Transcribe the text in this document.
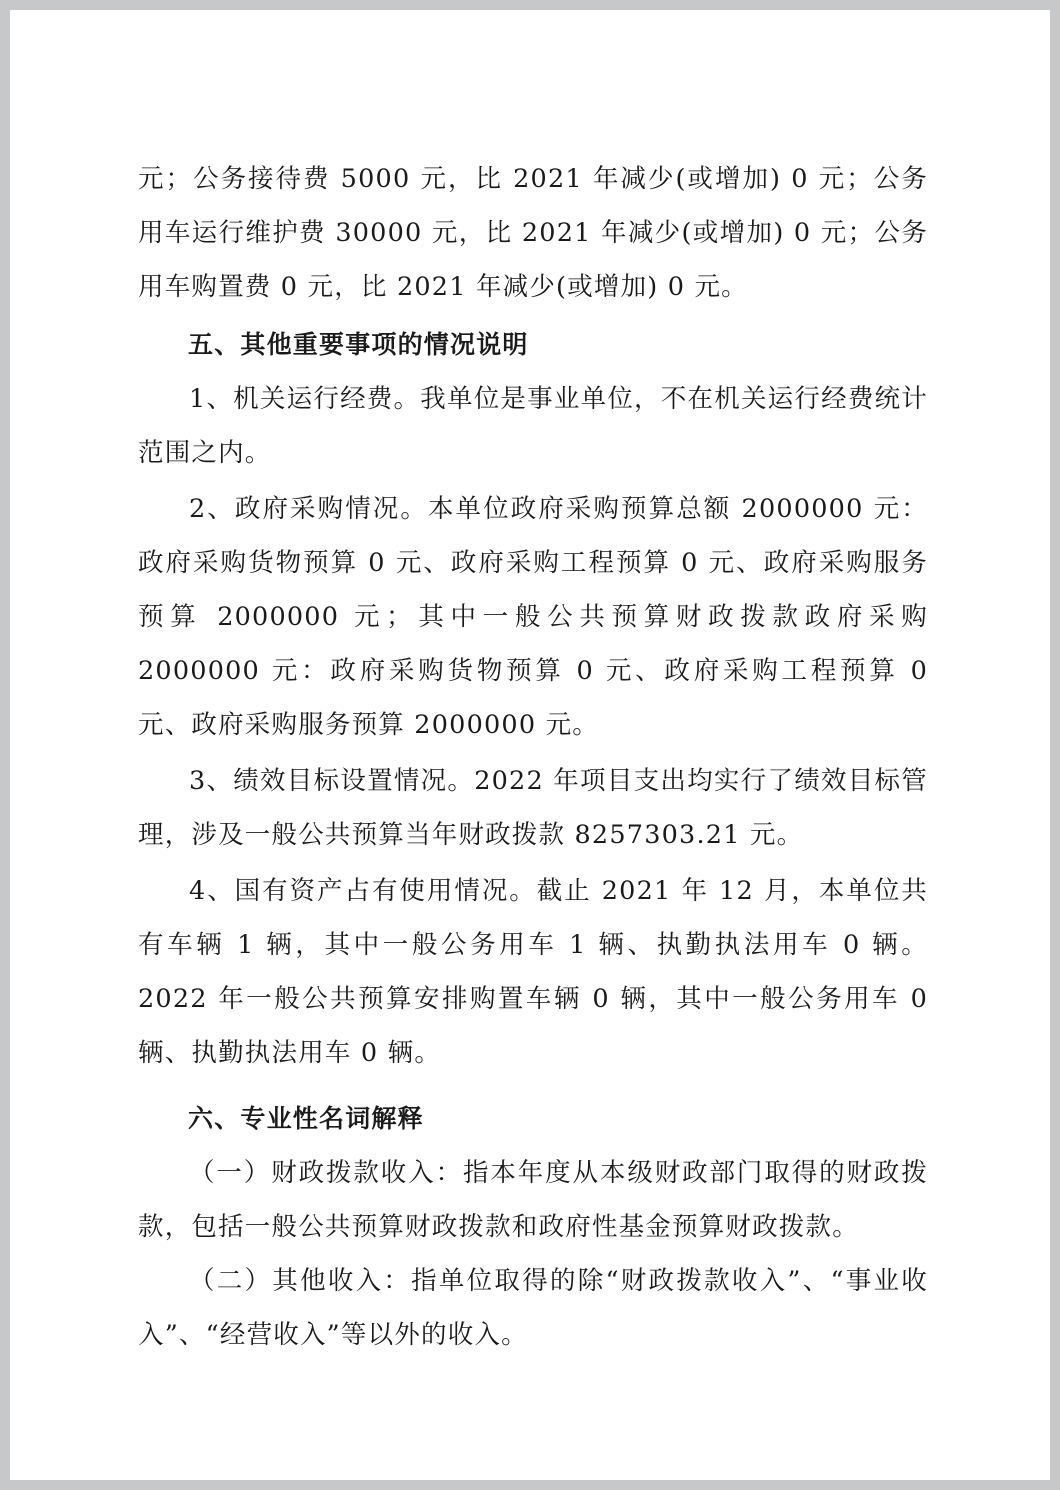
元；公务接待费 5000 元，比 2021 年减少(或增加) 0 元；公务用车运行维护费 30000 元，比 2021 年减少(或增加) 0 元；公务用车购置费 0 元，比 2021 年减少(或增加) 0 元。

五、其他重要事项的情况说明

1、机关运行经费。我单位是事业单位，不在机关运行经费统计范围之内。

2、政府采购情况。本单位政府采购预算总额 2000000 元：政府采购货物预算 0 元、政府采购工程预算 0 元、政府采购服务预算 2000000 元；其中一般公共预算财政拨款政府采购2000000 元：政府采购货物预算 0 元、政府采购工程预算 0 元、政府采购服务预算 2000000 元。

3、绩效目标设置情况。2022 年项目支出均实行了绩效目标管理，涉及一般公共预算当年财政拨款 8257303.21 元。

4、国有资产占有使用情况。截止 2021 年 12 月，本单位共有车辆 1 辆，其中一般公务用车 1 辆、执勤执法用车 0 辆。2022 年一般公共预算安排购置车辆 0 辆，其中一般公务用车 0 辆、执勤执法用车 0 辆。

六、专业性名词解释

（一）财政拨款收入：指本年度从本级财政部门取得的财政拨款，包括一般公共预算财政拨款和政府性基金预算财政拨款。

（二）其他收入：指单位取得的除“财政拨款收入”、“事业收入”、“经营收入”等以外的收入。
